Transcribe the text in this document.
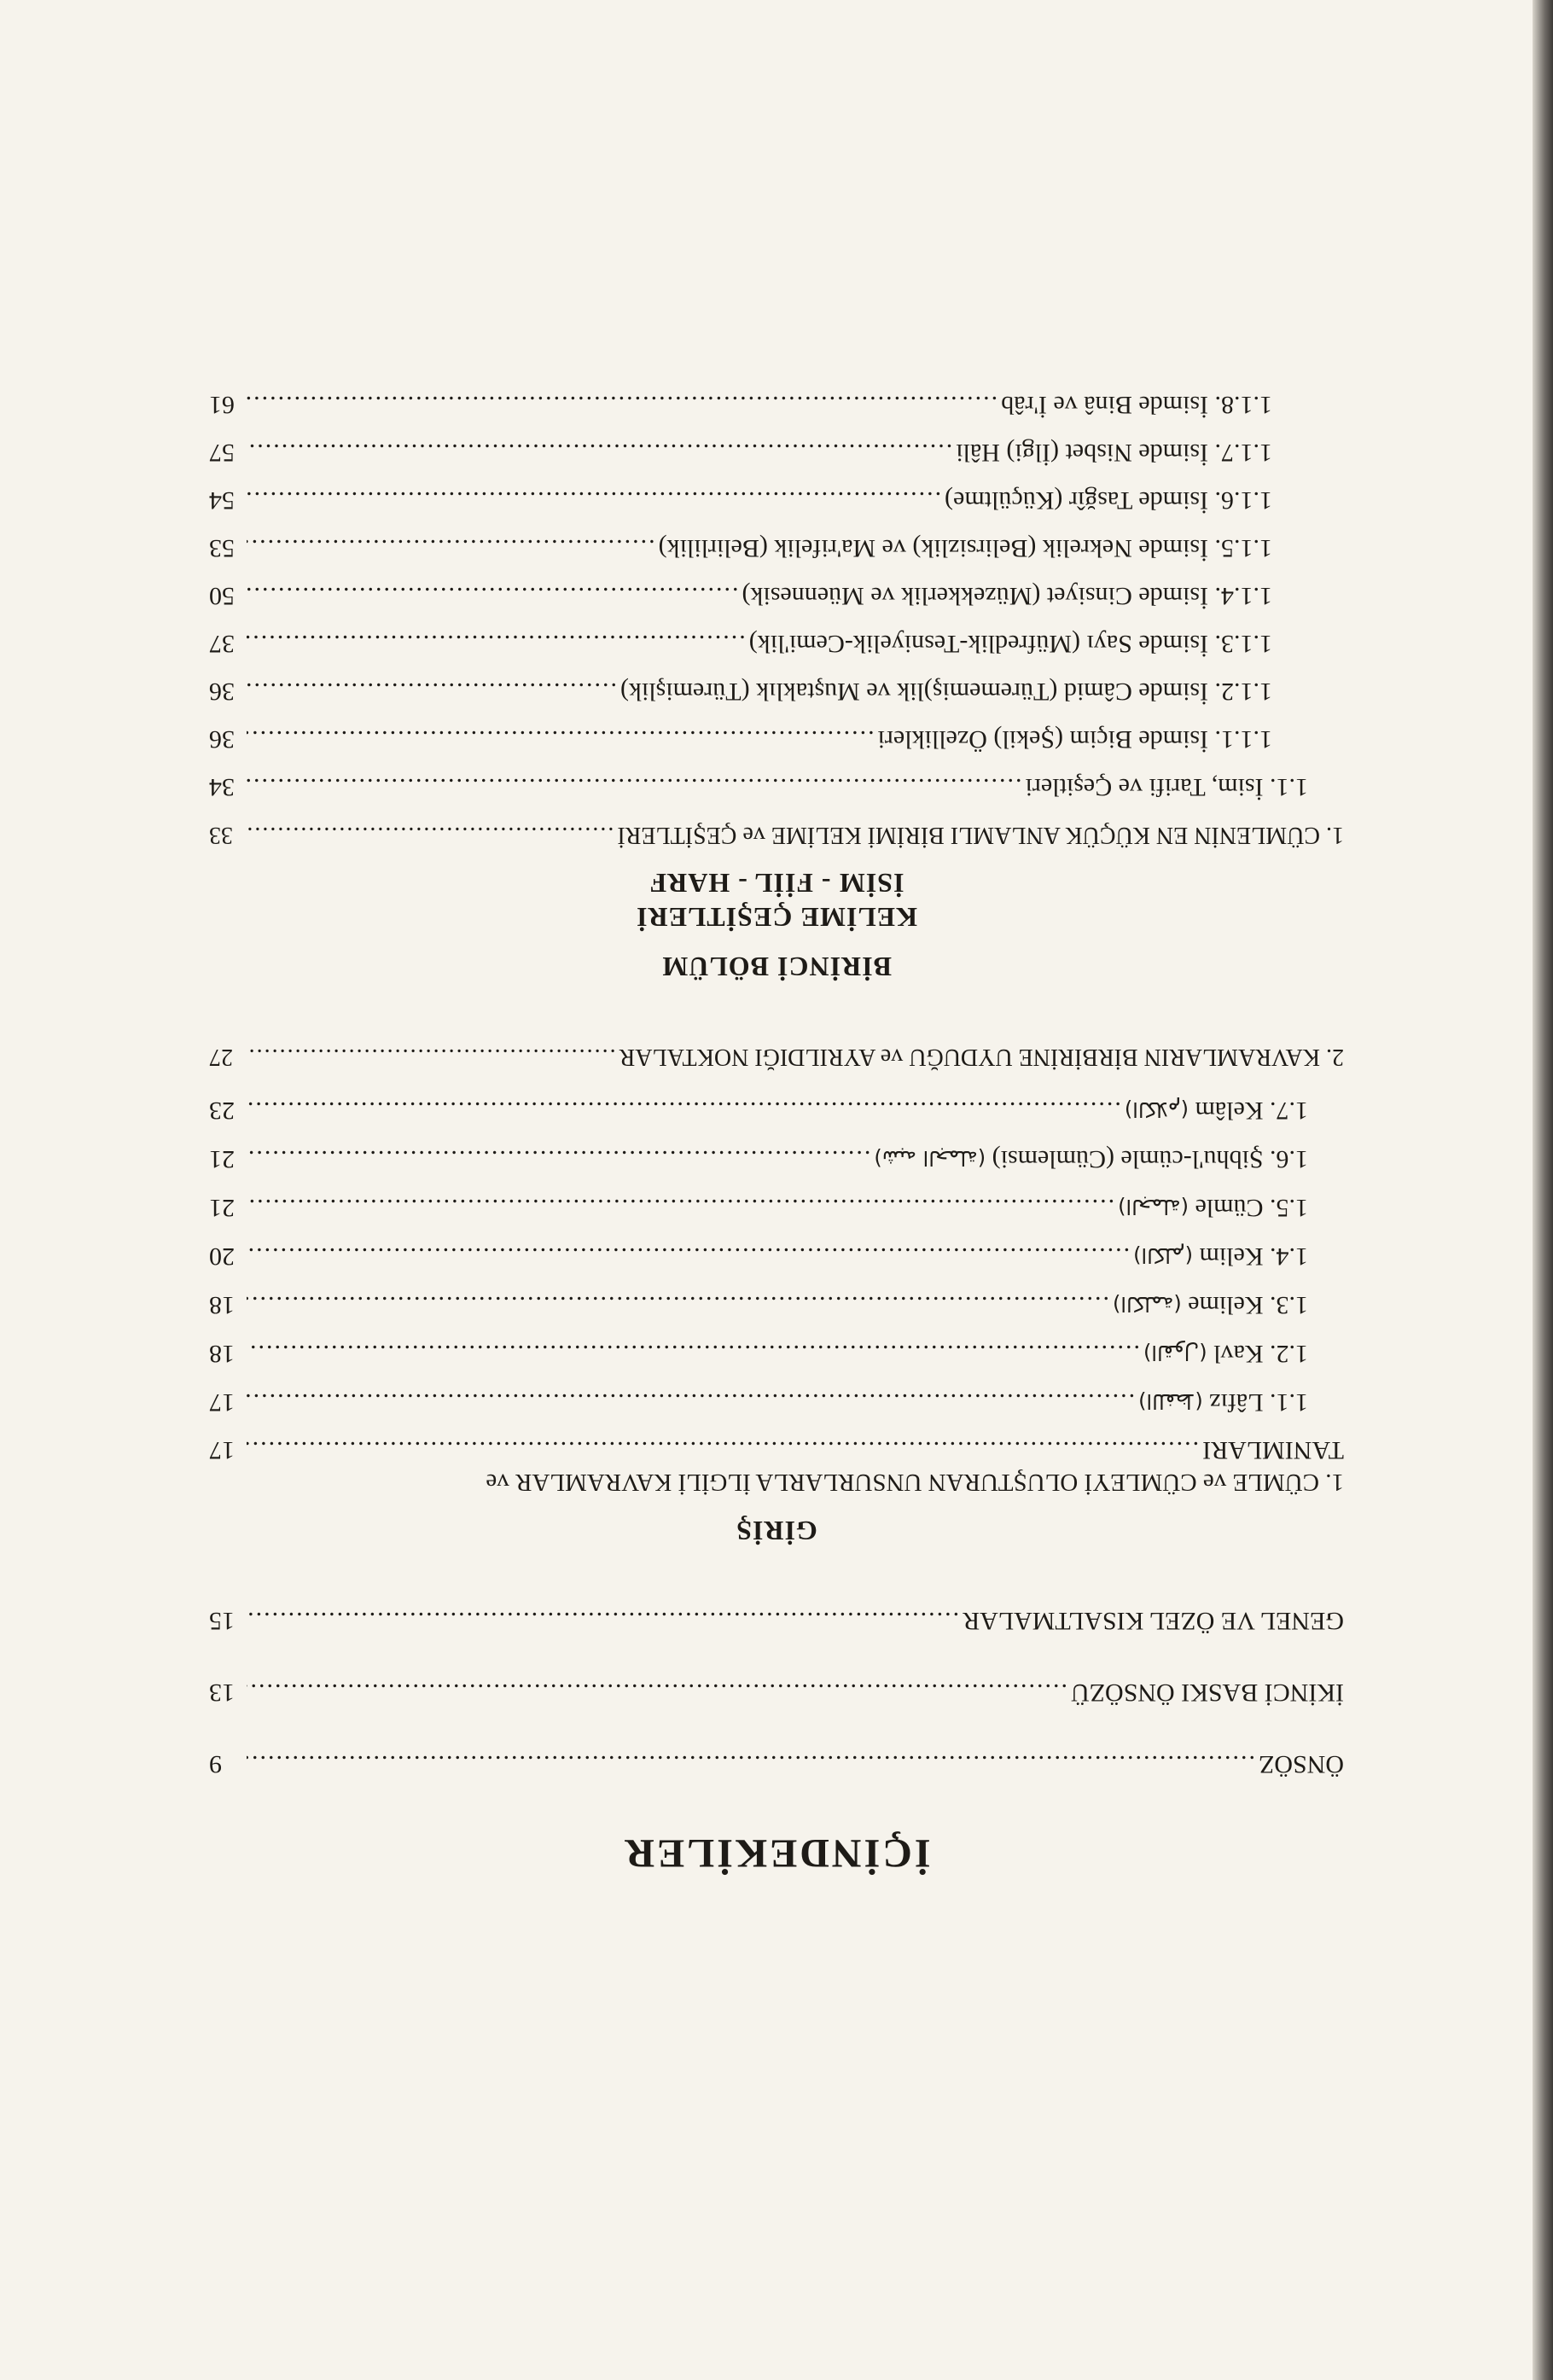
İÇİNDEKİLER
ÖNSÖZ
.....
9
İKİNCİ BASKI ÖNSÖZÜ
.....
13
GENEL VE ÖZEL KISALTMALAR
.....
15
GİRİŞ
1. CÜMLE ve CÜMLEYİ OLUŞTURAN UNSURLARLA İLGİLİ KAVRAMLAR ve
TANIMLARI
.....
17
1.1. Lâfız (اللفظ)
.....
17
1.2. Kavl (القول)
.....
18
1.3. Kelime (الكلمة)
.....
18
1.4. Kelim (الكلم)
.....
20
1.5. Cümle (الجملة)
.....
21
1.6. Şibhu'l-cümle (Cümlemsi) (شبه الجملة)
.....
21
1.7. Kelâm (الكلام)
.....
23
2. KAVRAMLARIN BİRBİRİNE UYDUĞU ve AYRILDIĞI NOKTALAR
.....
27
BİRİNCİ BÖLÜM
KELİME ÇEŞİTLERİ
İSİM - FİİL - HARF
1. CÜMLENİN EN KÜÇÜK ANLAMLI BİRİMİ KELİME ve ÇEŞİTLERİ
.....
33
1.1. İsim, Tarifi ve Çeşitleri
.....
34
1.1.1. İsimde Biçim (Şekil) Özellikleri
.....
36
1.1.2. İsimde Câmid (Türememiş)lik ve Muştaklık (Türemişlik)
.....
36
1.1.3. İsimde Sayı (Müfredlik-Tesniyelik-Cemi'lik)
.....
37
1.1.4. İsimde Cinsiyet (Müzekkerlik ve Müennesik)
.....
50
1.1.5. İsimde Nekrelik (Belirsizlik) ve Ma'rifelik (Belirlilik)
.....
53
1.1.6. İsimde Tasğîr (Küçültme)
.....
54
1.1.7. İsimde Nisbet (İlgi) Hâli
.....
57
1.1.8. İsimde Binâ ve İ'râb
.....
61
